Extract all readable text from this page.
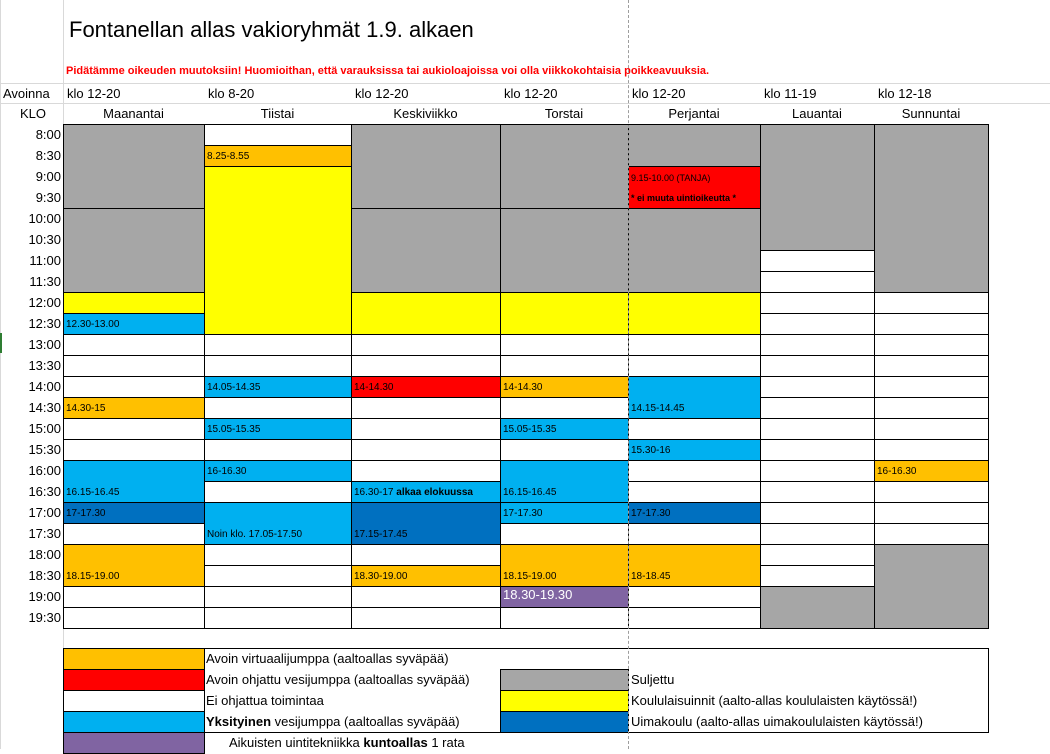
Fontanellan allas vakioryhmät 1.9. alkaen
Pidätämme oikeuden muutoksiin! Huomioithan, että varauksissa tai aukioloajoissa voi olla viikkokohtaisia poikkeavuuksia.
Avoinna
KLO
klo 12-20
Maanantai
klo 8-20
Tiistai
klo 12-20
Keskiviikko
klo 12-20
Torstai
klo 12-20
Perjantai
klo 11-19
Lauantai
klo 12-18
Sunnuntai
8:00
8:30
9:00
9:30
10:00
10:30
11:00
11:30
12:00
12:30
13:00
13:30
14:00
14:30
15:00
15:30
16:00
16:30
17:00
17:30
18:00
18:30
19:00
19:30
12.30-13.00
14.30-15
16.15-16.45
17-17.30
18.15-19.00
8.25-8.55
14.05-14.35
15.05-15.35
16-16.30
Noin klo. 17.05-17.50
14-14.30
16.30-17 alkaa elokuussa
17.15-17.45
18.30-19.00
14-14.30
15.05-15.35
16.15-16.45
17-17.30
18.15-19.00
18.30-19.30
9.15-10.00 (TANJA)
* ei muuta uintioikeutta *
14.15-14.45
15.30-16
17-17.30
18-18.45
16-16.30
Avoin virtuaalijumppa (aaltoallas syväpää)
Avoin ohjattu vesijumppa (aaltoallas syväpää)
Ei ohjattua toimintaa
Yksityinen vesijumppa (aaltoallas syväpää)
Aikuisten uintitekniikka kuntoallas 1 rata
Suljettu
Koululaisuinnit (aalto-allas koululaisten käytössä!)
Uimakoulu (aalto-allas uimakoululaisten käytössä!)
